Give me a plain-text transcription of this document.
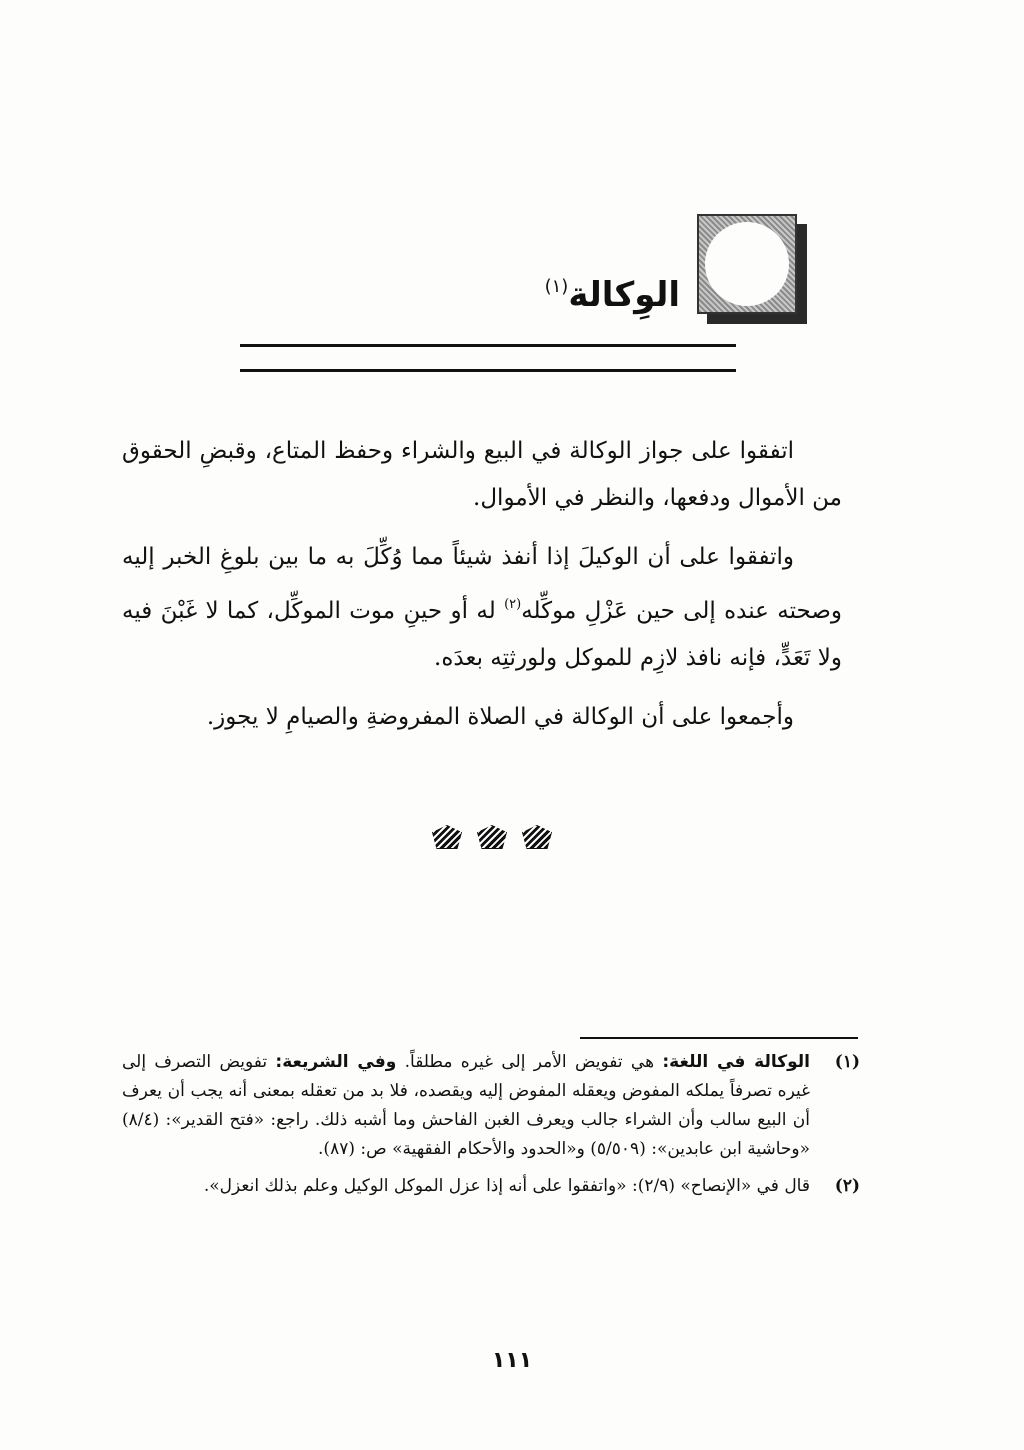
الوِكالة$^{(١)}$

اتفقوا على جواز الوكالة في البيع والشراء وحفظ المتاع، وقبضِ الحقوق من الأموال ودفعها، والنظر في الأموال.

واتفقوا على أن الوكيلَ إذا أنفذ شيئاً مما وُكِّلَ به ما بين بلوغِ الخبر إليه وصحته عنده إلى حين عَزْلِ موكِّله$^{(٢)}$ له أو حينِ موت الموكِّل، كما لا غَبْنَ فيه ولا تَعَدٍّ، فإنه نافذ لازِم للموكل ولورثتِه بعدَه.

وأجمعوا على أن الوكالة في الصلاة المفروضةِ والصيامِ لا يجوز.

(١)
الوكالة في اللغة: هي تفويض الأمر إلى غيره مطلقاً. وفي الشريعة: تفويض التصرف إلى غيره تصرفاً يملكه المفوض ويعقله المفوض إليه ويقصده، فلا بد من تعقله بمعنى أنه يجب أن يعرف أن البيع سالب وأن الشراء جالب ويعرف الغبن الفاحش وما أشبه ذلك. راجع: «فتح القدير»: (٨/٤) «وحاشية ابن عابدين»: (٥/٥٠٩) و«الحدود والأحكام الفقهية» ص: (٨٧).
(٢)
قال في «الإنصاح» (٢/٩): «واتفقوا على أنه إذا عزل الموكل الوكيل وعلم بذلك انعزل».
١١١
